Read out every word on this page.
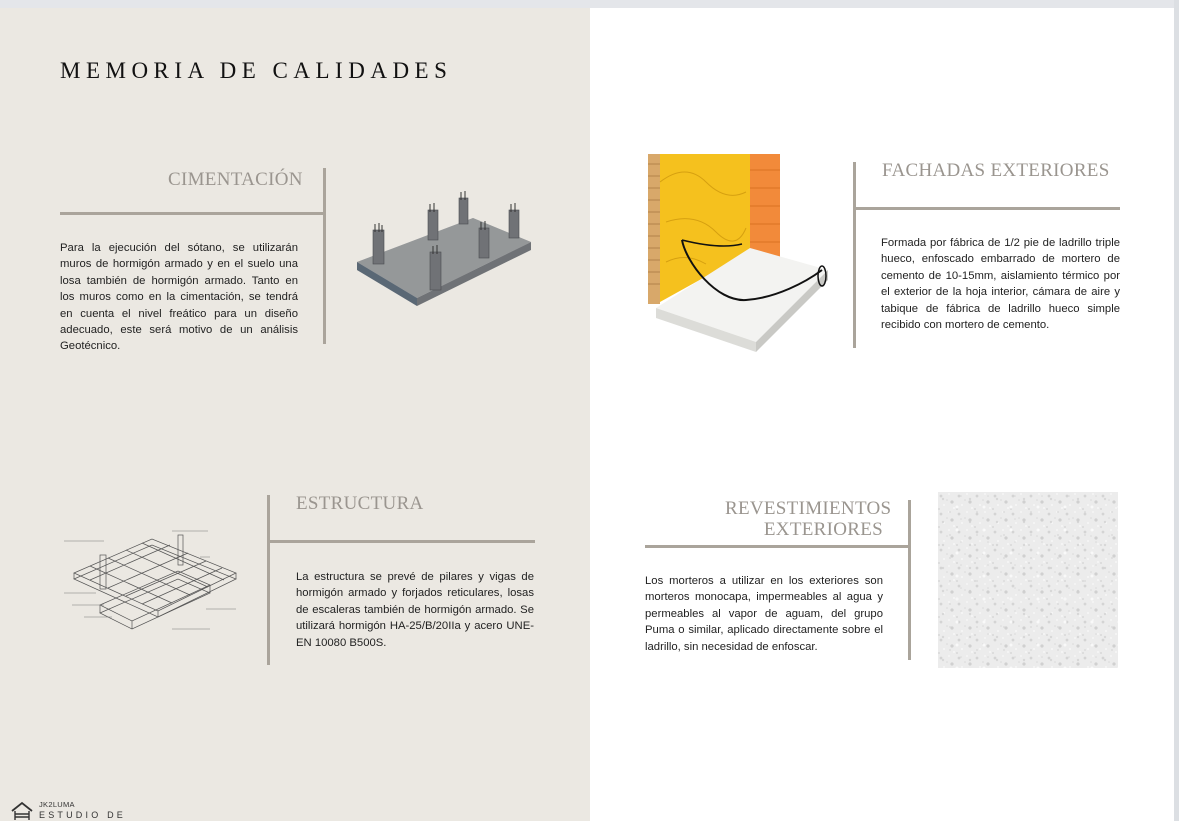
MEMORIA DE CALIDADES
CIMENTACIÓN
Para la ejecución del sótano, se utilizarán muros de hormigón armado y en el suelo una losa también de hormigón armado. Tanto en los muros como en la cimentación, se tendrá en cuenta el nivel freático para un diseño adecuado, este será motivo de un análisis Geotécnico.
ESTRUCTURA
La estructura se prevé de pilares y vigas de hormigón armado y forjados reticulares, losas de escaleras también de hormigón armado. Se utilizará hormigón HA-25/B/20IIa y acero UNE-EN 10080 B500S.
FACHADAS EXTERIORES
Formada por fábrica de 1/2 pie de ladrillo triple hueco, enfoscado embarrado de mortero de cemento de 10-15mm, aislamiento térmico por el exterior de la hoja interior, cámara de aire y tabique de fábrica de ladrillo hueco simple recibido con mortero de cemento.
REVESTIMIENTOS
EXTERIORES
Los morteros a utilizar en los exteriores son morteros monocapa, impermeables al agua y permeables al vapor de aguam, del grupo Puma o similar, aplicado directamente sobre el ladrillo, sin necesidad de enfoscar.
JK2LUMA
ESTUDIO DE
